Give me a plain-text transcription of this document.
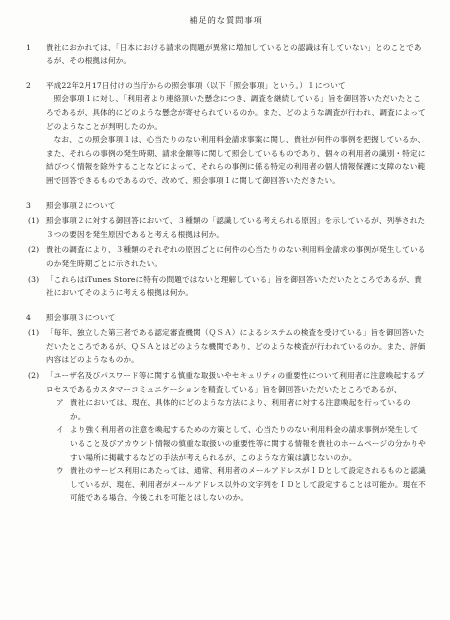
補足的な質問事項
1	貴社におかれては、「日本における請求の問題が異常に増加しているとの認識は有していない」とのことであるが、その根拠は何か。
2	平成22年2月17日付けの当庁からの照会事項（以下「照会事項」という。）１について
照会事項１に対し、「利用者より連絡頂いた懸念につき、調査を継続している」旨を御回答いただいたところであるが、具体的にどのような懸念が寄せられているのか。また、どのような調査が行われ、調査によってどのようなことが判明したのか。
なお、この照会事項１は、心当たりのない利用料金請求事案に関し、貴社が何件の事例を把握しているか、また、それらの事例の発生時期、請求金額等に関して照会しているものであり、個々の利用者の識別・特定に結びつく情報を除外することなどによって、それらの事例に係る特定の利用者の個人情報保護に支障のない範囲で回答できるものであるので、改めて、照会事項１に関して御回答いただきたい。
3	照会事項２について
(1) 照会事項２に対する御回答において、３種類の「認識している考えられる原因」を示しているが、列挙された３つの要因を発生原因であると考える根拠は何か。
(2) 貴社の調査により、３種類のそれぞれの原因ごとに何件の心当たりのない利用料金請求の事例が発生しているのか発生時期ごとに示されたい。
(3) 「これらはiTunes Storeに特有の問題ではないと理解している」旨を御回答いただいたところであるが、貴社においてそのように考える根拠は何か。
4	照会事項３について
(1) 「毎年、独立した第三者である認定審査機関（ＱＳＡ）によるシステムの検査を受けている」旨を御回答いただいたところであるが、ＱＳＡとはどのような機関であり、どのような検査が行われているのか。また、評価内容はどのようなものか。
(2) 「ユーザ名及びパスワード等に関する慎重な取扱いやセキュリティの重要性について利用者に注意喚起するプロセスであるカスタマーコミュニケーションを精査している」旨を御回答いただいたところであるが、
ア 貴社においては、現在、具体的にどのような方法により、利用者に対する注意喚起を行っているのか。
イ より強く利用者の注意を喚起するための方策として、心当たりのない利用料金の請求事例が発生していること及びアカウント情報の慎重な取扱いの重要性等に関する情報を貴社のホームページの分かりやすい場所に掲載するなどの手法が考えられるが、このような方策は講じないのか。
ウ 貴社のサービス利用にあたっては、通常、利用者のメールアドレスがＩＤとして設定されるものと認識しているが、現在、利用者がメールアドレス以外の文字列をＩＤとして設定することは可能か。現在不可能である場合、今後これを可能とはしないのか。
